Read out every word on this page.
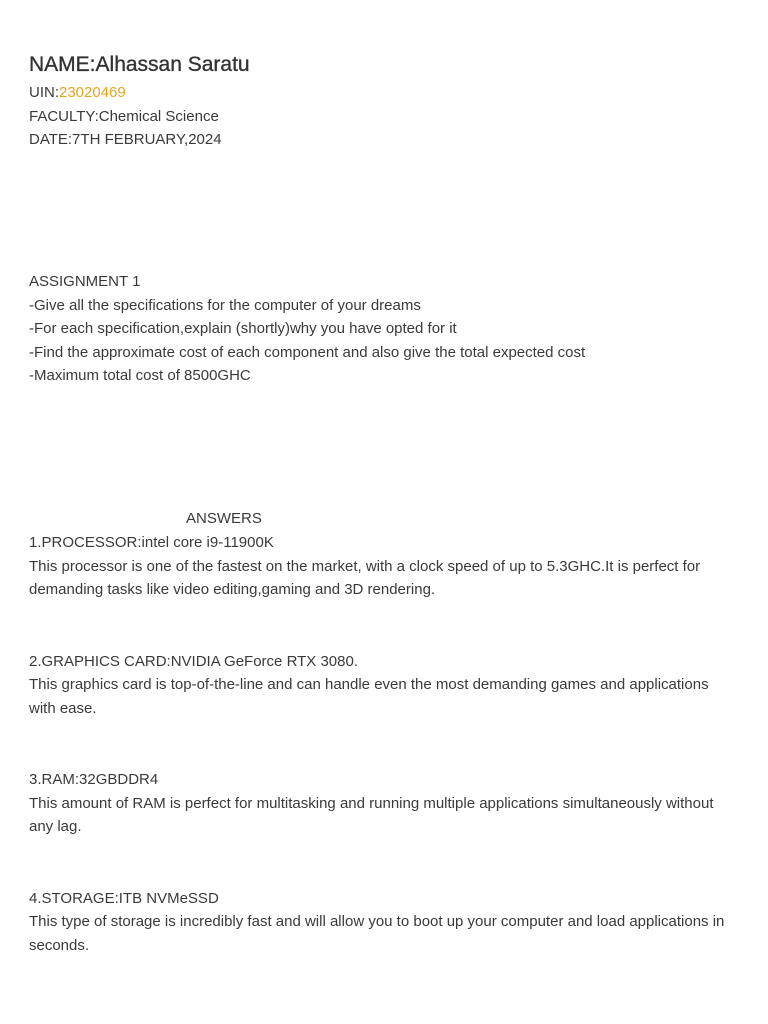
NAME:Alhassan Saratu

UIN:23020469

FACULTY:Chemical Science

DATE:7TH FEBRUARY,2024

ASSIGNMENT 1

-Give all the specifications for the computer of your dreams

-For each specification,explain (shortly)why you have opted for it

-Find the approximate cost of each component and also give the total expected cost

-Maximum total cost of 8500GHC

ANSWERS

1.PROCESSOR:intel core i9-11900K

This processor is one of the fastest on the market, with a clock speed of up to 5.3GHC.It is perfect for demanding tasks like video editing,gaming and 3D rendering.

2.GRAPHICS CARD:NVIDIA GeForce RTX 3080.

This graphics card is top-of-the-line and can handle even the most demanding games and applications with ease.

3.RAM:32GBDDR4

This amount of RAM is perfect for multitasking and running multiple applications simultaneously without any lag.

4.STORAGE:ITB NVMeSSD

This type of storage is incredibly fast and will allow you to boot up your computer and load applications in seconds.
